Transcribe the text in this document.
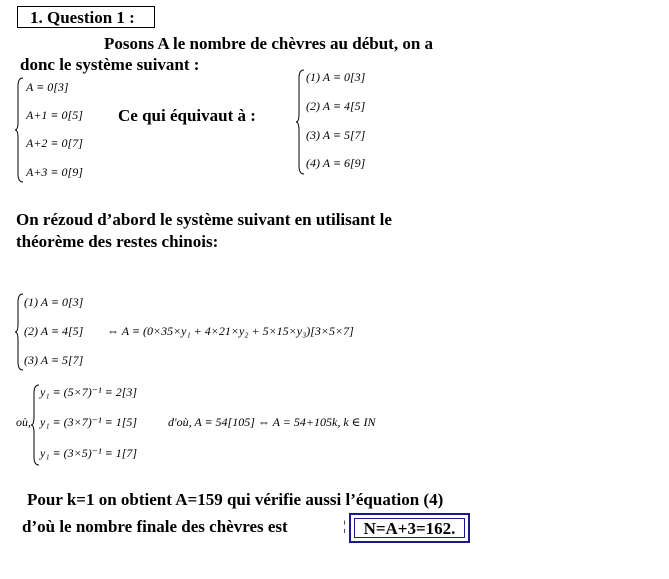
1. Question 1 :
Posons A le nombre de chèvres au début, on a
donc le système suivant :
A ≡ 0[3]
A+1 ≡ 0[5]
A+2 ≡ 0[7]
A+3 ≡ 0[9]
Ce qui équivaut à :
(1) A ≡ 0[3]
(2) A ≡ 4[5]
(3) A ≡ 5[7]
(4) A ≡ 6[9]
On rézoud d’abord le système suivant en utilisant le
théorème des restes chinois:
(1) A ≡ 0[3]
(2) A ≡ 4[5]
(3) A ≡ 5[7]
⇔ A ≡ (0×35×y₁ + 4×21×y₂ + 5×15×y₃)[3×5×7]
où,
y₁ ≡ (5×7)⁻¹ ≡ 2[3]
y₁ ≡ (3×7)⁻¹ ≡ 1[5]
y₁ ≡ (3×5)⁻¹ ≡ 1[7]
d'où, A ≡ 54[105] ⇔ A = 54+105k, k ∈ IN
Pour k=1 on obtient A=159 qui vérifie aussi l’équation (4)
d’où le nombre finale des chèvres est	¦	N=A+3=162.
